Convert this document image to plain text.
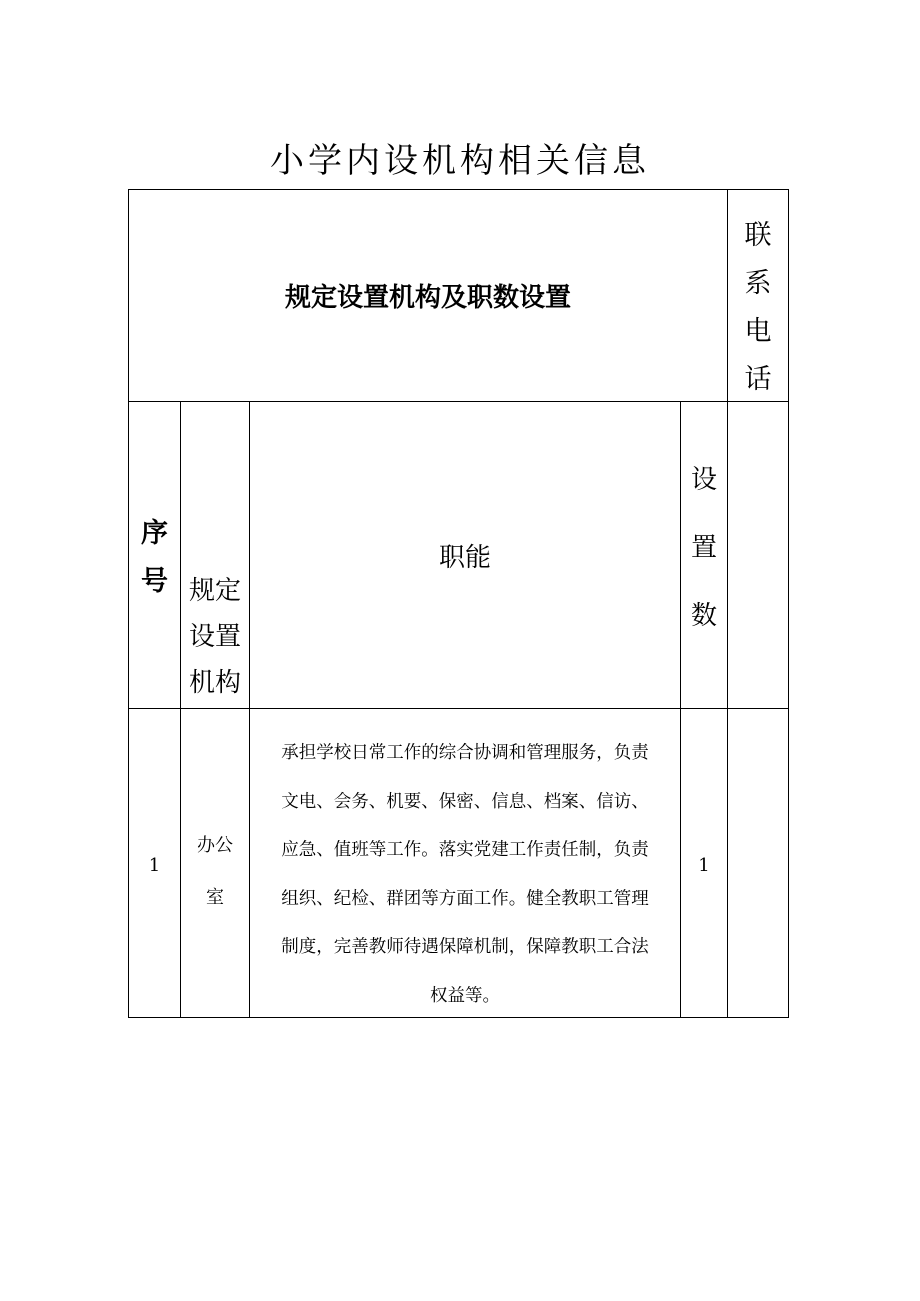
小学内设机构相关信息
规定设置机构及职数设置
联
系
电
话
序
号 规定
设置
机构
职能
设
置
数
1
办公
室
承担学校日常工作的综合协调和管理服务，负责
文电、会务、机要、保密、信息、档案、信访、
应急、值班等工作。落实党建工作责任制，负责
组织、纪检、群团等方面工作。健全教职工管理
制度，完善教师待遇保障机制，保障教职工合法
权益等。
1
